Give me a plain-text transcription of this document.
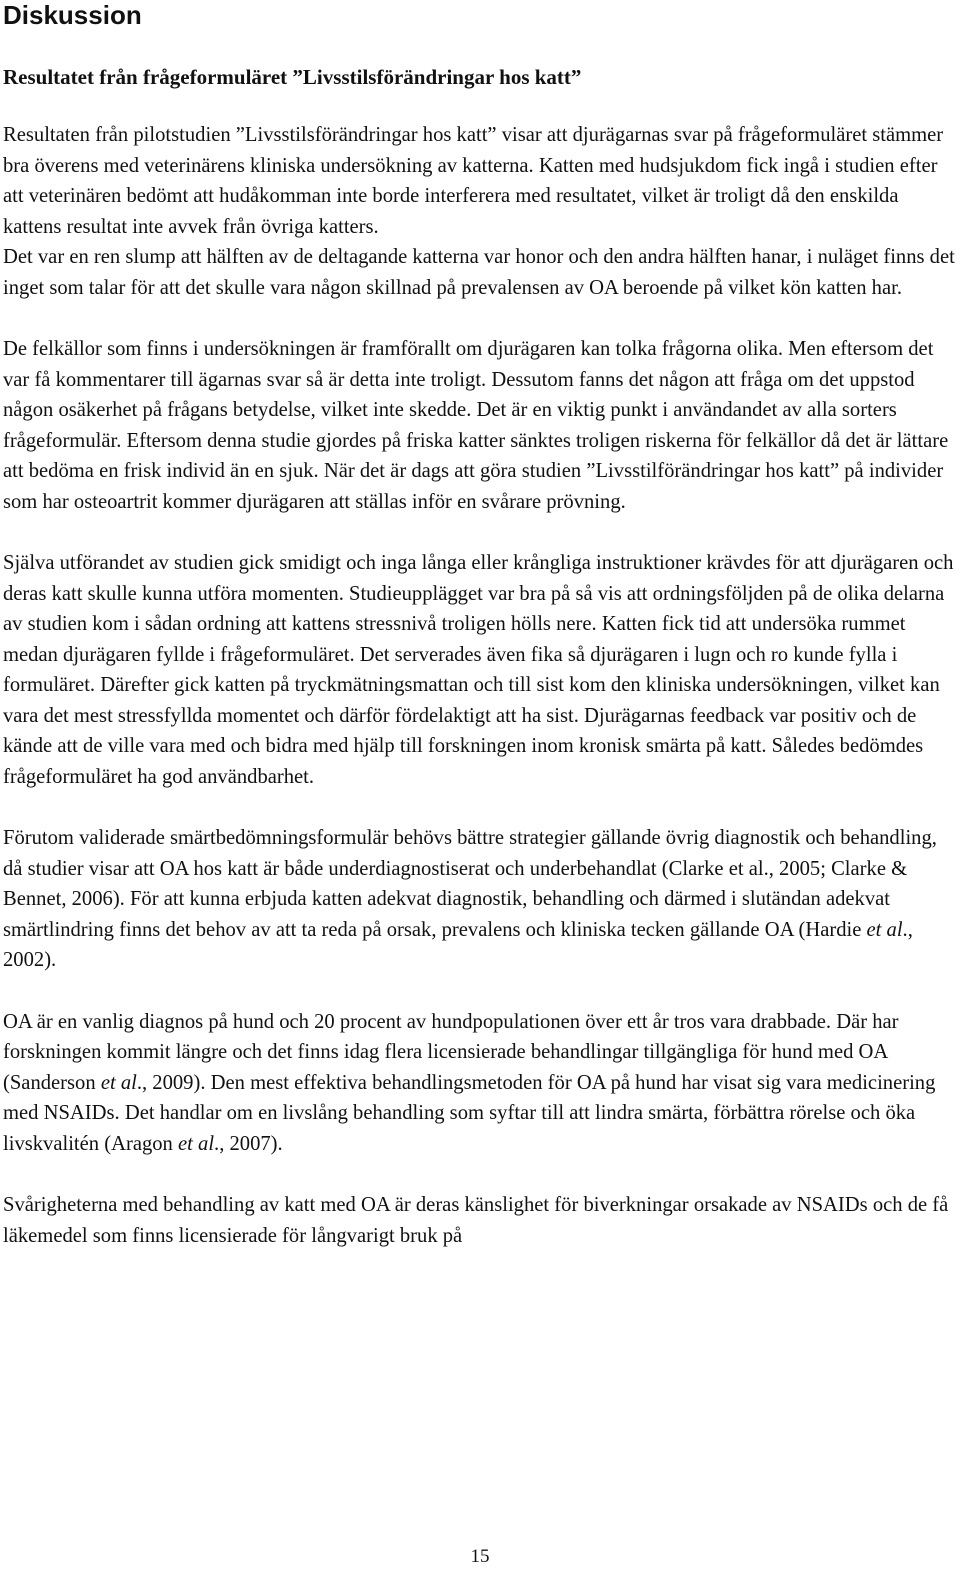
Diskussion
Resultatet från frågeformuläret ”Livsstilsförändringar hos katt”

Resultaten från pilotstudien ”Livsstilsförändringar hos katt” visar att djurägarnas svar på frågeformuläret stämmer bra överens med veterinärens kliniska undersökning av katterna. Katten med hudsjukdom fick ingå i studien efter att veterinären bedömt att hudåkomman inte borde interferera med resultatet, vilket är troligt då den enskilda kattens resultat inte avvek från övriga katters.

Det var en ren slump att hälften av de deltagande katterna var honor och den andra hälften hanar, i nuläget finns det inget som talar för att det skulle vara någon skillnad på prevalensen av OA beroende på vilket kön katten har.

De felkällor som finns i undersökningen är framförallt om djurägaren kan tolka frågorna olika. Men eftersom det var få kommentarer till ägarnas svar så är detta inte troligt. Dessutom fanns det någon att fråga om det uppstod någon osäkerhet på frågans betydelse, vilket inte skedde. Det är en viktig punkt i användandet av alla sorters frågeformulär. Eftersom denna studie gjordes på friska katter sänktes troligen riskerna för felkällor då det är lättare att bedöma en frisk individ än en sjuk. När det är dags att göra studien ”Livsstilförändringar hos katt” på individer som har osteoartrit kommer djurägaren att ställas inför en svårare prövning.

Själva utförandet av studien gick smidigt och inga långa eller krångliga instruktioner krävdes för att djurägaren och deras katt skulle kunna utföra momenten. Studieupplägget var bra på så vis att ordningsföljden på de olika delarna av studien kom i sådan ordning att kattens stressnivå troligen hölls nere. Katten fick tid att undersöka rummet medan djurägaren fyllde i frågeformuläret. Det serverades även fika så djurägaren i lugn och ro kunde fylla i formuläret. Därefter gick katten på tryckmätningsmattan och till sist kom den kliniska undersökningen, vilket kan vara det mest stressfyllda momentet och därför fördelaktigt att ha sist. Djurägarnas feedback var positiv och de kände att de ville vara med och bidra med hjälp till forskningen inom kronisk smärta på katt. Således bedömdes frågeformuläret ha god användbarhet.

Förutom validerade smärtbedömningsformulär behövs bättre strategier gällande övrig diagnostik och behandling, då studier visar att OA hos katt är både underdiagnostiserat och underbehandlat (Clarke et al., 2005; Clarke & Bennet, 2006). För att kunna erbjuda katten adekvat diagnostik, behandling och därmed i slutändan adekvat smärtlindring finns det behov av att ta reda på orsak, prevalens och kliniska tecken gällande OA (Hardie et al., 2002).

OA är en vanlig diagnos på hund och 20 procent av hundpopulationen över ett år tros vara drabbade. Där har forskningen kommit längre och det finns idag flera licensierade behandlingar tillgängliga för hund med OA (Sanderson et al., 2009). Den mest effektiva behandlingsmetoden för OA på hund har visat sig vara medicinering med NSAIDs. Det handlar om en livslång behandling som syftar till att lindra smärta, förbättra rörelse och öka livskvalitén (Aragon et al., 2007).

Svårigheterna med behandling av katt med OA är deras känslighet för biverkningar orsakade av NSAIDs och de få läkemedel som finns licensierade för långvarigt bruk på

15
